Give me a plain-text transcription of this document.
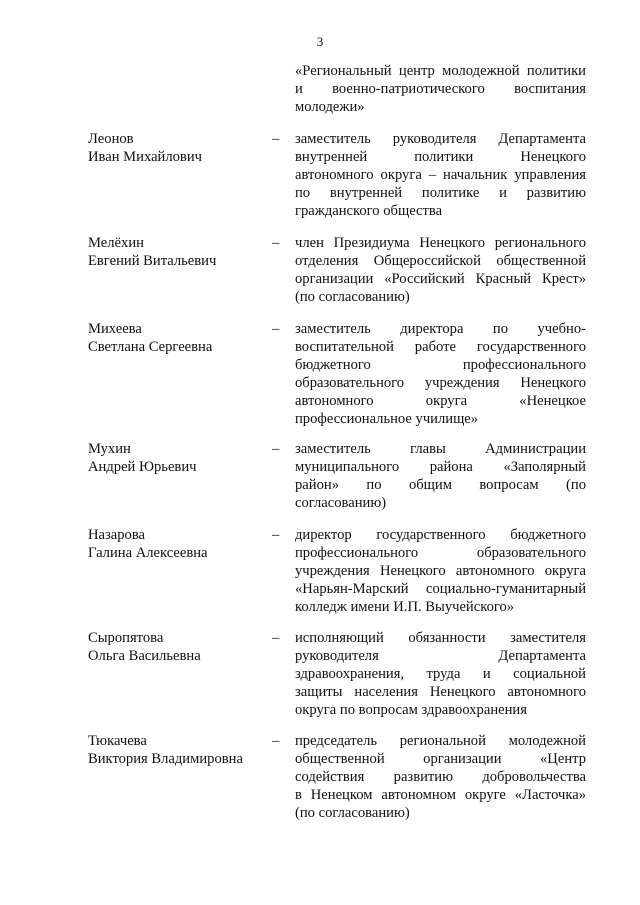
3
«Региональный центр молодежной политики
и военно-патриотического воспитания
молодежи»
Леонов
Иван Михайлович
– заместитель руководителя Департамента
внутренней политики Ненецкого
автономного округа – начальник управления
по внутренней политике и развитию
гражданского общества
Мелёхин
Евгений Витальевич
– член Президиума Ненецкого регионального
отделения Общероссийской общественной
организации «Российский Красный Крест»
(по согласованию)
Михеева
Светлана Сергеевна
– заместитель директора по учебно-
воспитательной работе государственного
бюджетного профессионального
образовательного учреждения Ненецкого
автономного округа «Ненецкое
профессиональное училище»
Мухин
Андрей Юрьевич
– заместитель главы Администрации
муниципального района «Заполярный
район» по общим вопросам (по
согласованию)
Назарова
Галина Алексеевна
– директор государственного бюджетного
профессионального образовательного
учреждения Ненецкого автономного округа
«Нарьян-Марский социально-гуманитарный
колледж имени И.П. Выучейского»
Сыропятова
Ольга Васильевна
– исполняющий обязанности заместителя
руководителя Департамента
здравоохранения, труда и социальной
защиты населения Ненецкого автономного
округа по вопросам здравоохранения
Тюкачева
Виктория Владимировна
– председатель региональной молодежной
общественной организации «Центр
содействия развитию добровольчества
в Ненецком автономном округе «Ласточка»
(по согласованию)
